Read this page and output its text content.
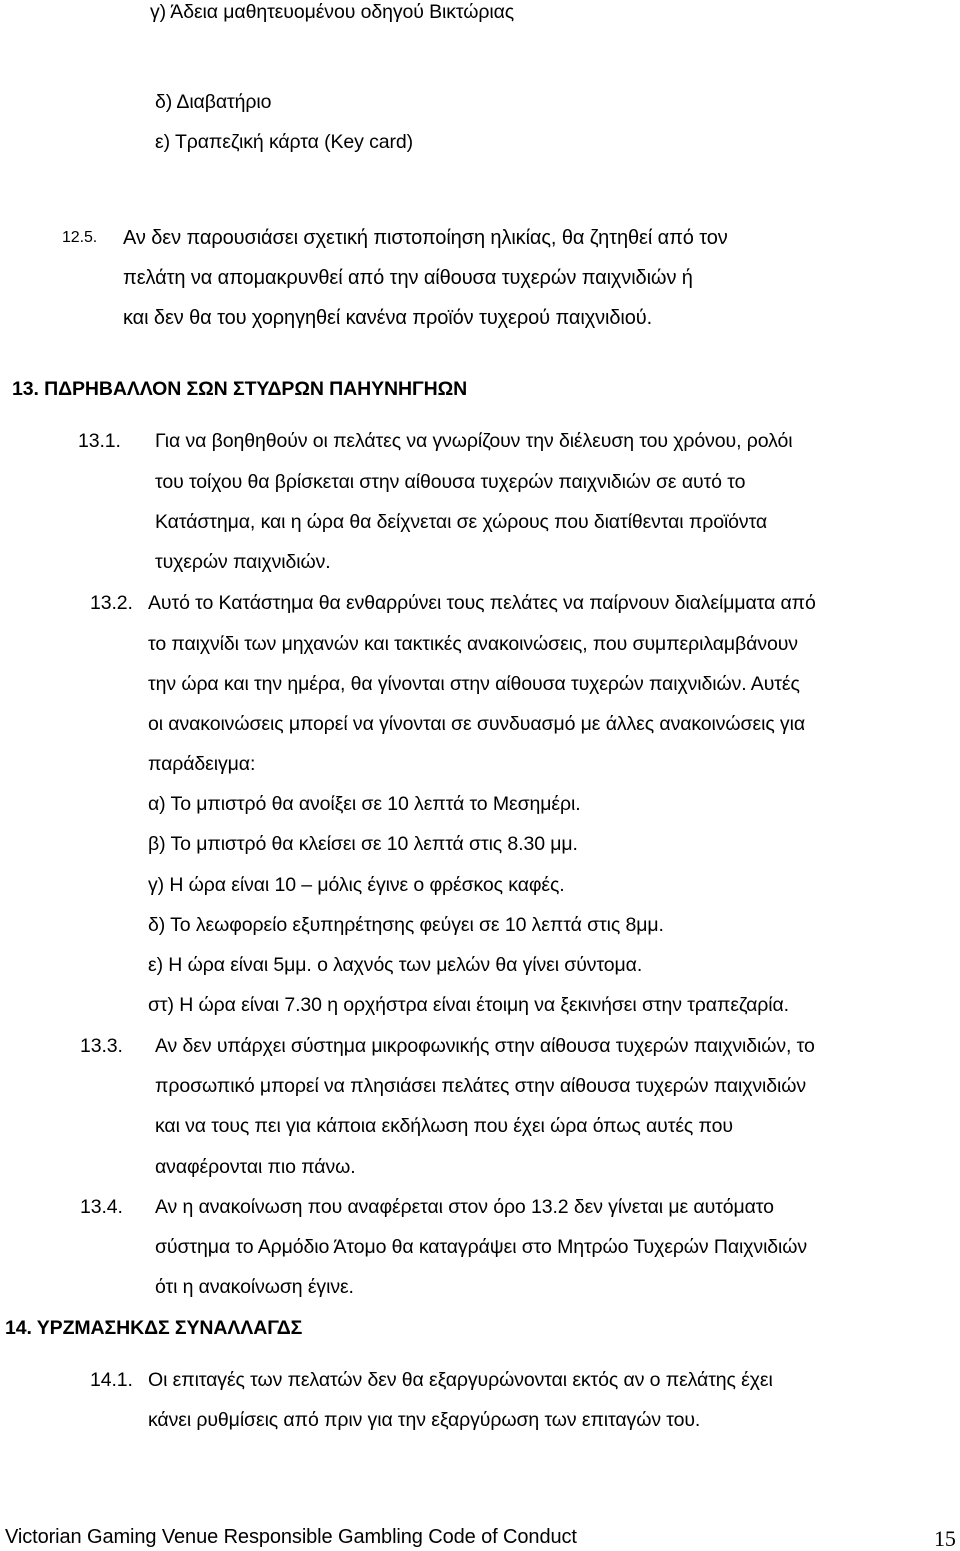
γ) Άδεια μαθητευομένου οδηγού Βικτώριας
δ) Διαβατήριο
ε) Τραπεζική κάρτα (Key card)
12.5. Αν δεν παρουσιάσει σχετική πιστοποίηση ηλικίας, θα ζητηθεί από τον
πελάτη να απομακρυνθεί από την αίθουσα τυχερών παιχνιδιών ή
και δεν θα του χορηγηθεί κανένα προϊόν τυχερού παιχνιδιού.
13. ΠΔΡΗΒΑΛΛΟΝ ΣΩΝ ΣΤΥΔΡΩΝ ΠΑΗΥΝΗΓΗΩΝ
13.1. Για να βοηθηθούν οι πελάτες να γνωρίζουν την διέλευση του χρόνου, ρολόι
του τοίχου θα βρίσκεται στην αίθουσα τυχερών παιχνιδιών σε αυτό το
Κατάστημα, και η ώρα θα δείχνεται σε χώρους που διατίθενται προϊόντα
τυχερών παιχνιδιών.
13.2. Αυτό το Κατάστημα θα ενθαρρύνει τους πελάτες να παίρνουν διαλείμματα από
το παιχνίδι των μηχανών και τακτικές ανακοινώσεις, που συμπεριλαμβάνουν
την ώρα και την ημέρα, θα γίνονται στην αίθουσα τυχερών παιχνιδιών. Αυτές
οι ανακοινώσεις μπορεί να γίνονται σε συνδυασμό με άλλες ανακοινώσεις για
παράδειγμα:
α) Το μπιστρό θα ανοίξει σε 10 λεπτά το Μεσημέρι.
β) Το μπιστρό θα κλείσει σε 10 λεπτά στις 8.30 μμ.
γ) Η ώρα είναι 10 – μόλις έγινε ο φρέσκος καφές.
δ) Το λεωφορείο εξυπηρέτησης φεύγει σε 10 λεπτά στις 8μμ.
ε) Η ώρα είναι 5μμ. ο λαχνός των μελών θα γίνει σύντομα.
στ) Η ώρα είναι 7.30 η ορχήστρα είναι έτοιμη να ξεκινήσει στην τραπεζαρία.
13.3. Αν δεν υπάρχει σύστημα μικροφωνικής στην αίθουσα τυχερών παιχνιδιών, το
προσωπικό μπορεί να πλησιάσει πελάτες στην αίθουσα τυχερών παιχνιδιών
και να τους πει για κάποια εκδήλωση που έχει ώρα όπως αυτές που
αναφέρονται πιο πάνω.
13.4. Αν η ανακοίνωση που αναφέρεται στον όρο 13.2 δεν γίνεται με αυτόματο
σύστημα το Αρμόδιο Άτομο θα καταγράψει στο Μητρώο Τυχερών Παιχνιδιών
ότι η ανακοίνωση έγινε.
14. ΥΡΖΜΑΣΗΚΔΣ ΣΥΝΑΛΛΑΓΔΣ
14.1. Οι επιταγές των πελατών δεν θα εξαργυρώνονται εκτός αν ο πελάτης έχει
κάνει ρυθμίσεις από πριν για την εξαργύρωση των επιταγών του.
Victorian Gaming Venue Responsible Gambling Code of Conduct	15
